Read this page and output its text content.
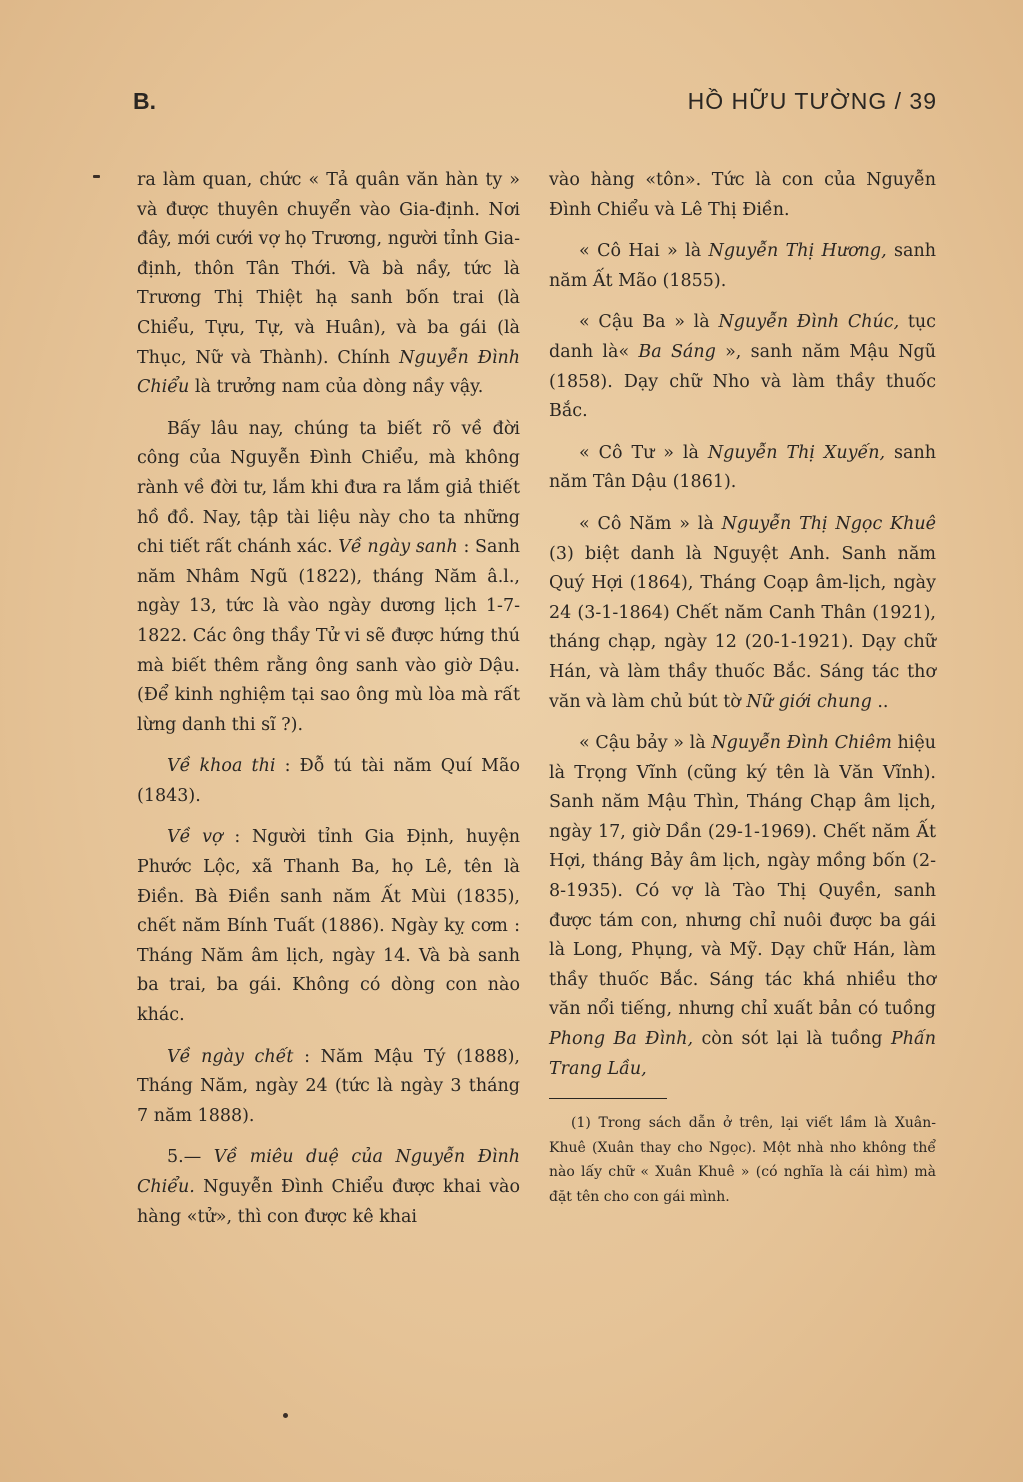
B.	HỒ HỮU TƯỜNG / 39

ra làm quan, chức « Tả quân văn hàn ty » và được thuyên chuyển vào Gia-định. Nơi đây, mới cưới vợ họ Trương, người tỉnh Gia-định, thôn Tân Thới. Và bà nầy, tức là Trương Thị Thiệt hạ sanh bốn trai (là Chiểu, Tựu, Tự, và Huân), và ba gái (là Thục, Nữ và Thành). Chính Nguyễn Đình Chiểu là trưởng nam của dòng nầy vậy.

Bấy lâu nay, chúng ta biết rõ về đời công của Nguyễn Đình Chiểu, mà không rành về đời tư, lắm khi đưa ra lắm giả thiết hồ đồ. Nay, tập tài liệu này cho ta những chi tiết rất chánh xác. Về ngày sanh : Sanh năm Nhâm Ngũ (1822), tháng Năm â.l., ngày 13, tức là vào ngày dương lịch 1-7-1822. Các ông thầy Tử vi sẽ được hứng thú mà biết thêm rằng ông sanh vào giờ Dậu. (Để kinh nghiệm tại sao ông mù lòa mà rất lừng danh thi sĩ ?).

Về khoa thi : Đỗ tú tài năm Quí Mão (1843).

Về vợ : Người tỉnh Gia Định, huyện Phước Lộc, xã Thanh Ba, họ Lê, tên là Điền. Bà Điền sanh năm Ất Mùi (1835), chết năm Bính Tuất (1886). Ngày kỵ cơm : Tháng Năm âm lịch, ngày 14. Và bà sanh ba trai, ba gái. Không có dòng con nào khác.

Về ngày chết : Năm Mậu Tý (1888), Tháng Năm, ngày 24 (tức là ngày 3 tháng 7 năm 1888).

5.— Về miêu duệ của Nguyễn Đình Chiểu. Nguyễn Đình Chiểu được khai vào hàng «tử», thì con được kê khai

vào hàng «tôn». Tức là con của Nguyễn Đình Chiểu và Lê Thị Điền.

« Cô Hai » là Nguyễn Thị Hương, sanh năm Ất Mão (1855).

« Cậu Ba » là Nguyễn Đình Chúc, tục danh là« Ba Sáng », sanh năm Mậu Ngũ (1858). Dạy chữ Nho và làm thầy thuốc Bắc.

« Cô Tư » là Nguyễn Thị Xuyến, sanh năm Tân Dậu (1861).

« Cô Năm » là Nguyễn Thị Ngọc Khuê (3) biệt danh là Nguyệt Anh. Sanh năm Quý Hợi (1864), Tháng Coạp âm-lịch, ngày 24 (3-1-1864) Chết năm Canh Thân (1921), tháng chạp, ngày 12 (20-1-1921). Dạy chữ Hán, và làm thầy thuốc Bắc. Sáng tác thơ văn và làm chủ bút tờ Nữ giới chung ..

« Cậu bảy » là Nguyễn Đình Chiêm hiệu là Trọng Vĩnh (cũng ký tên là Văn Vĩnh). Sanh năm Mậu Thìn, Tháng Chạp âm lịch, ngày 17, giờ Dần (29-1-1969). Chết năm Ất Hợi, tháng Bảy âm lịch, ngày mồng bốn (2-8-1935). Có vợ là Tào Thị Quyền, sanh được tám con, nhưng chỉ nuôi được ba gái là Long, Phụng, và Mỹ. Dạy chữ Hán, làm thầy thuốc Bắc. Sáng tác khá nhiều thơ văn nổi tiếng, nhưng chỉ xuất bản có tuồng Phong Ba Đình, còn sót lại là tuồng Phấn Trang Lầu,

(1) Trong sách dẫn ở trên, lại viết lầm là Xuân-Khuê (Xuân thay cho Ngọc). Một nhà nho không thể nào lấy chữ « Xuân Khuê » (có nghĩa là cái hìm) mà đặt tên cho con gái mình.
